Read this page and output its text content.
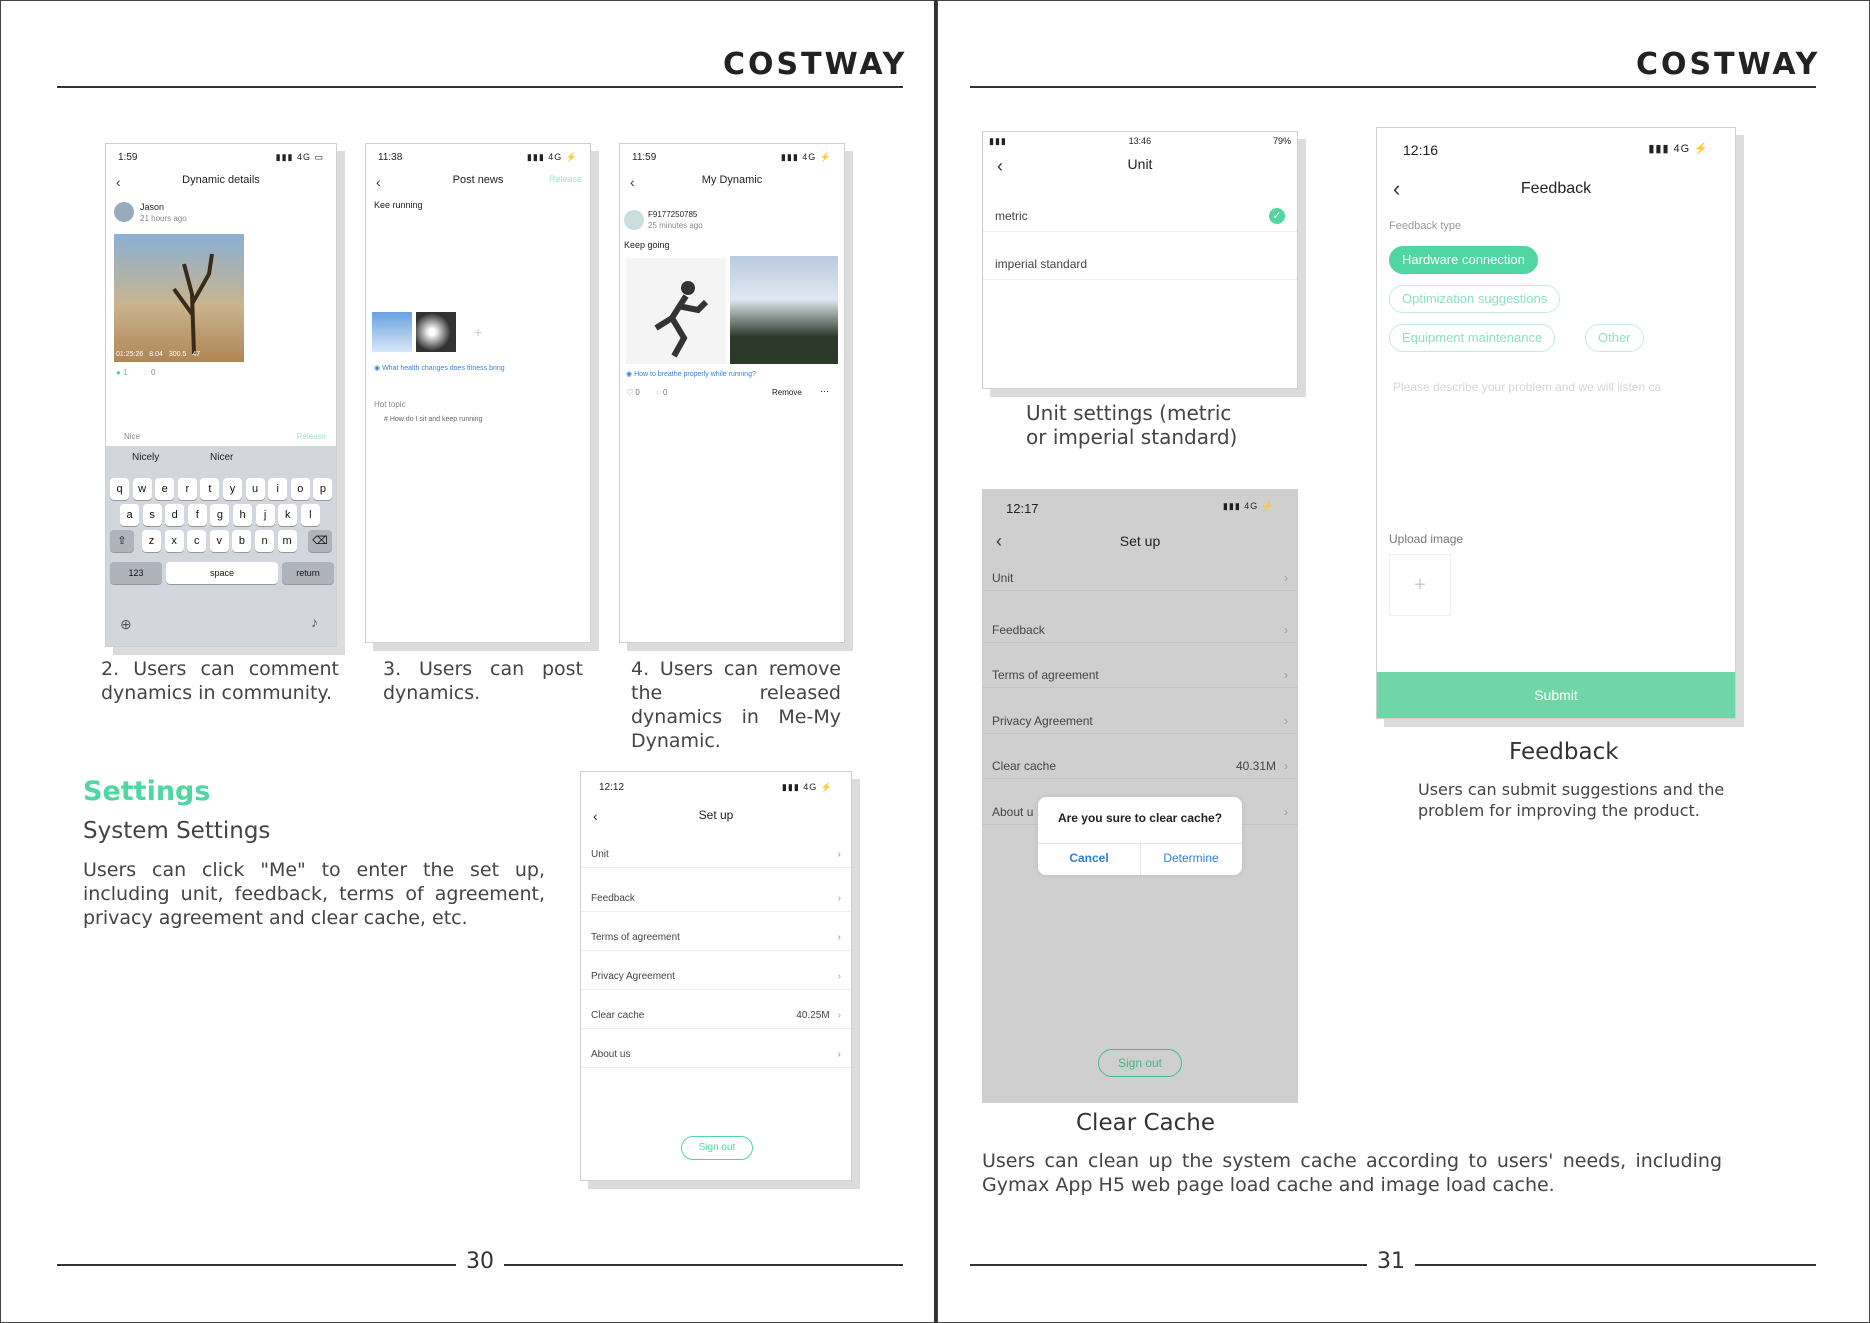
COSTWAY
1:59	▮▮▮ 4G ▭
‹	Dynamic details
Jason
21 hours ago
01:25:26 8.04 300.5 47
● 1 ◌ 0
Nice	Release
Nicely	Nicer
q	w	e	r	t	y	u	i	o	p
a	s	d	f	g	h	j	k	l
z	x	c	v	b	n	m
⇧	⌫
123	space	return
⊕	♪
11:38	▮▮▮ 4G ⚡
‹	Post news	Release
Kee running
+
◉ What health changes does fitness bring
Hot topic
# How do I sit and keep running
11:59	▮▮▮ 4G ⚡
‹	My Dynamic
F9177250785
25 minutes ago
Keep going
◉ How to breathe properly while running?
♡ 0 ◌ 0	Remove ⋯
2. Users can comment dynamics in community.
3. Users can post dynamics.
4. Users can remove the released dynamics in Me-My Dynamic.
Settings
System Settings
Users can click "Me" to enter the set up, including unit, feedback, terms of agreement, privacy agreement and clear cache, etc.
12:12	▮▮▮ 4G ⚡
‹	Set up
Unit	›
Feedback	›
Terms of agreement	›
Privacy Agreement	›
Clear cache	40.25M ›
About us	›
Sign out
30
COSTWAY
▮▮▮	13:46	79%
‹	Unit
metric	✓
imperial standard
Unit settings (metric or imperial standard)
12:16	▮▮▮ 4G ⚡
‹	Feedback
Feedback type
Hardware connection
Optimization suggestions
Equipment maintenance	Other
Please describe your problem and we will listen ca
Upload image
+
Submit
Feedback
Users can submit suggestions and the problem for improving the product.
12:17	▮▮▮ 4G ⚡
‹	Set up
Unit	›
Feedback	›
Terms of agreement	›
Privacy Agreement	›
Clear cache	40.31M ›
About u	›
Are you sure to clear cache?
Cancel	Determine
Sign out
Clear Cache
Users can clean up the system cache according to users' needs, including Gymax App H5 web page load cache and image load cache.
31
